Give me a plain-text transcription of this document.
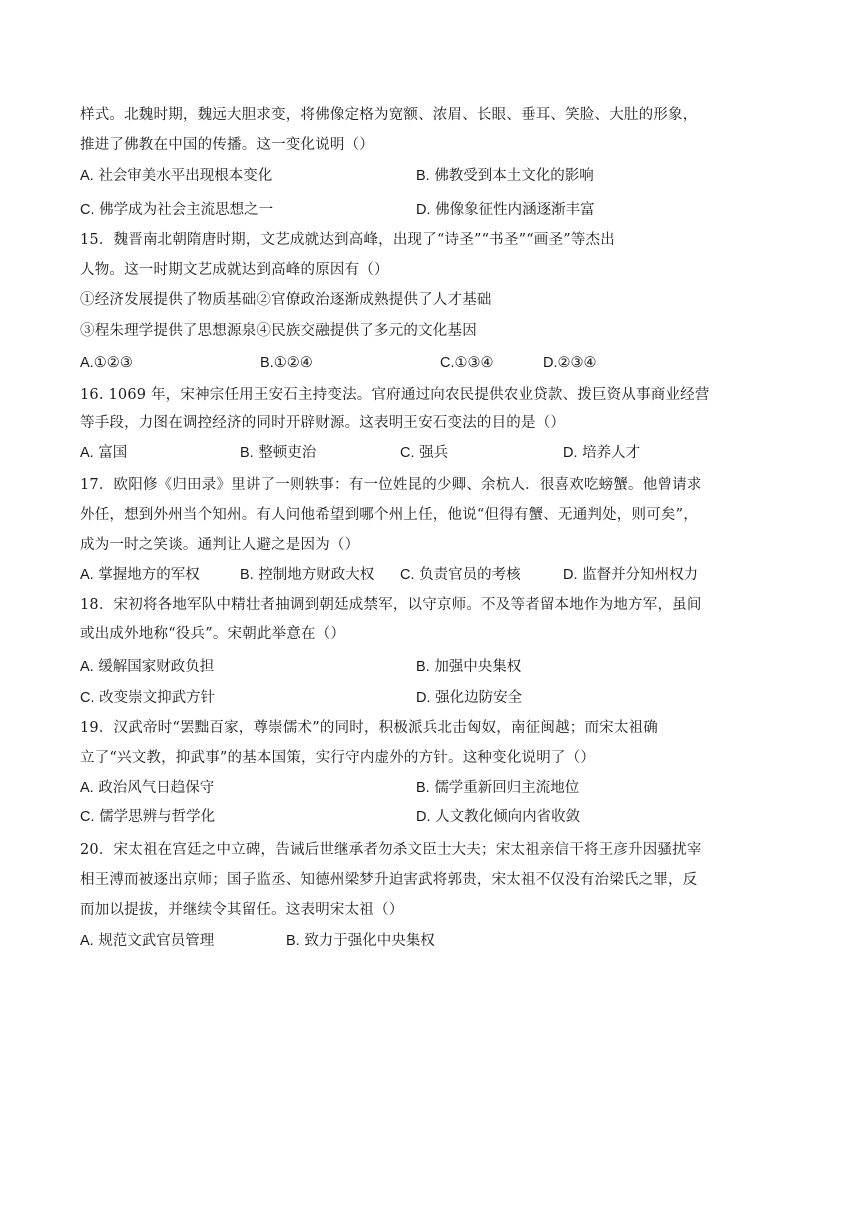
样式。北魏时期，魏远大胆求变，将佛像定格为宽额、浓眉、长眼、垂耳、笑脸、大肚的形象，
推进了佛教在中国的传播。这一变化说明（）
A. 社会审美水平出现根本变化	B. 佛教受到本土文化的影响
C. 佛学成为社会主流思想之一	D. 佛像象征性内涵逐渐丰富
15．魏晋南北朝隋唐时期，文艺成就达到高峰，出现了“诗圣”“书圣”“画圣”等杰出
人物。这一时期文艺成就达到高峰的原因有（）
①经济发展提供了物质基础②官僚政治逐渐成熟提供了人才基础
③程朱理学提供了思想源泉④民族交融提供了多元的文化基因
A.①②③	B.①②④	C.①③④	D.②③④
16. 1069 年，宋神宗任用王安石主持变法。官府通过向农民提供农业贷款、拨巨资从事商业经营
等手段，力图在调控经济的同时开辟财源。这表明王安石变法的目的是（）
A. 富国	B. 整顿吏治	C. 强兵	D. 培养人才
17．欧阳修《归田录》里讲了一则轶事：有一位姓昆的少卿、余杭人．很喜欢吃螃蟹。他曾请求
外任，想到外州当个知州。有人问他希望到哪个州上任，他说“但得有蟹、无通判处，则可矣”，
成为一时之笑谈。通判让人避之是因为（）
A. 掌握地方的军权	B. 控制地方财政大权 C. 负责官员的考核	D. 监督并分知州权力
18．宋初将各地军队中精壮者抽调到朝廷成禁军，以守京师。不及等者留本地作为地方军，虽间
或出成外地称“役兵”。宋朝此举意在（）
A. 缓解国家财政负担	B. 加强中央集权
C. 改变崇文抑武方针	D. 强化边防安全
19．汉武帝时“罢黜百家，尊崇儒术”的同时，积极派兵北击匈奴，南征闽越；而宋太祖确
立了“兴文教，抑武事”的基本国策，实行守内虚外的方针。这种变化说明了（）
A. 政治风气日趋保守	B. 儒学重新回归主流地位
C. 儒学思辨与哲学化	D. 人文教化倾向内省收敛
20．宋太祖在宫廷之中立碑，告诫后世继承者勿杀文臣士大夫；宋太祖亲信干将王彦升因骚扰宰
相王溥而被逐出京师；国子监丞、知德州梁梦升迫害武将郭贵，宋太祖不仅没有治梁氏之罪，反
而加以提拔，并继续令其留任。这表明宋太祖（）
A. 规范文武官员管理	B. 致力于强化中央集权
